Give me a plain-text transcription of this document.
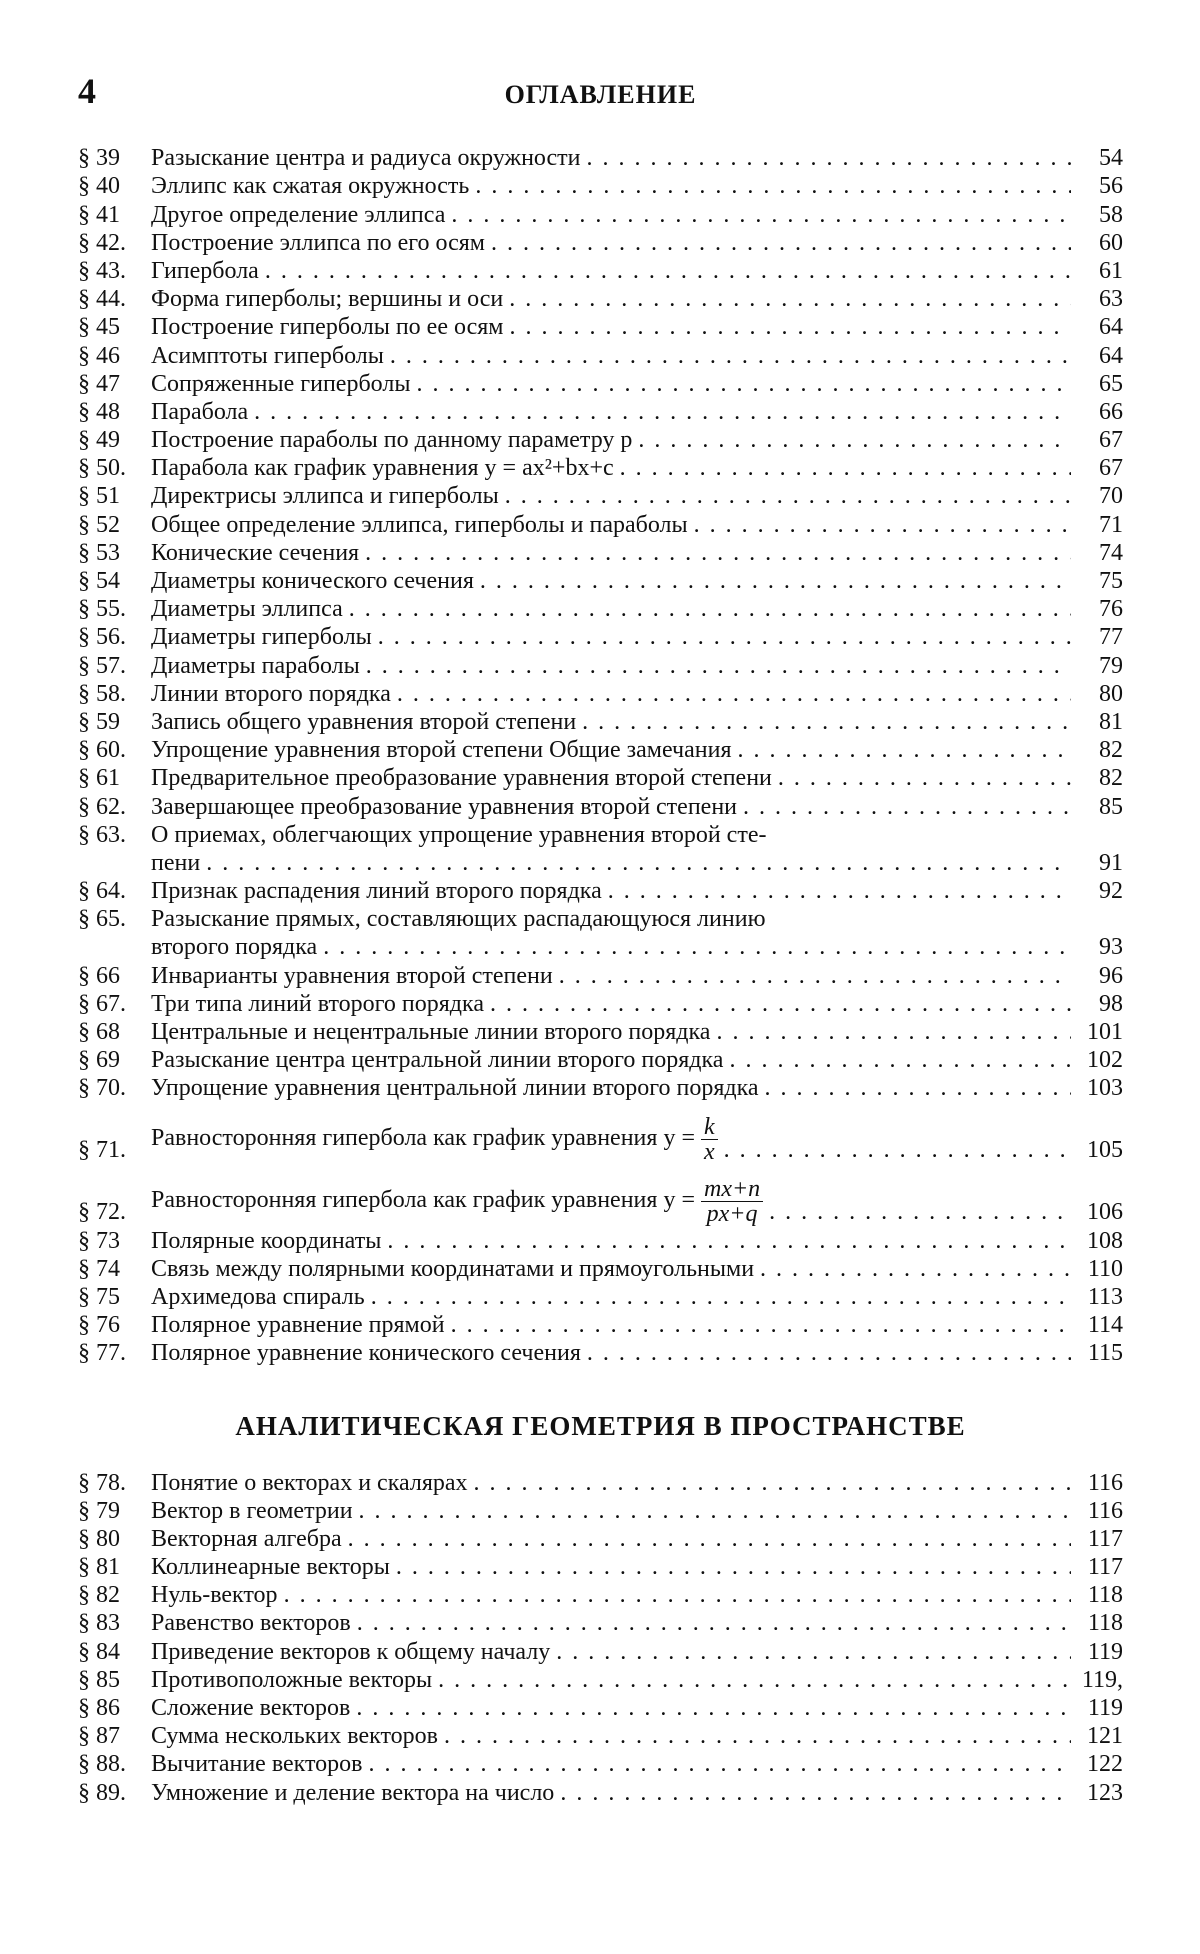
4	ОГЛАВЛЕНИЕ
§ 39	Разыскание центра и радиуса окружности
. . .	54
§ 40	Эллипс как сжатая окружность
. . .	56
§ 41	Другое определение эллипса
. . .	58
§ 42.	Построение эллипса по его осям
. . .	60
§ 43.	Гипербола
. . .	61
§ 44.	Форма гиперболы; вершины и оси
. . .	63
§ 45	Построение гиперболы по ее осям
. . .	64
§ 46	Асимптоты гиперболы
. . .	64
§ 47	Сопряженные гиперболы
. . .	65
§ 48	Парабола
. . .	66
§ 49	Построение параболы по данному параметру p
. . .	67
§ 50.	Парабола как график уравнения y = ax²+bx+c
. . .	67
§ 51	Директрисы эллипса и гиперболы
. . .	70
§ 52	Общее определение эллипса, гиперболы и параболы
. . .	71
§ 53	Конические сечения
. . .	74
§ 54	Диаметры конического сечения
. . .	75
§ 55.	Диаметры эллипса
. . .	76
§ 56.	Диаметры гиперболы
. . .	77
§ 57.	Диаметры параболы
. . .	79
§ 58.	Линии второго порядка
. . .	80
§ 59	Запись общего уравнения второй степени
. . .	81
§ 60.	Упрощение уравнения второй степени Общие замечания
. . .	82
§ 61	Предварительное преобразование уравнения второй степени
. . .	82
§ 62.	Завершающее преобразование уравнения второй степени
. . .	85
§ 63.	О приемах, облегчающих упрощение уравнения второй сте-
пени
. . .	91
§ 64.	Признак распадения линий второго порядка
. . .	92
§ 65.	Разыскание прямых, составляющих распадающуюся линию
второго порядка
. . .	93
§ 66	Инварианты уравнения второй степени
. . .	96
§ 67.	Три типа линий второго порядка
. . .	98
§ 68	Центральные и нецентральные линии второго порядка
. . .	101
§ 69	Разыскание центра центральной линии второго порядка
. . .	102
§ 70.	Упрощение уравнения центральной линии второго порядка
. . .	103
§ 71.	Равносторонняя гипербола как график уравнения y = k
x
. . .	105
§ 72.	Равносторонняя гипербола как график уравнения y = mx+n
px+q
. . .	106
§ 73	Полярные координаты
. . .	108
§ 74	Связь между полярными координатами и прямоугольными
. . .	110
§ 75	Архимедова спираль
. . .	113
§ 76	Полярное уравнение прямой
. . .	114
§ 77.	Полярное уравнение конического сечения
. . .	115
АНАЛИТИЧЕСКАЯ ГЕОМЕТРИЯ В ПРОСТРАНСТВЕ
§ 78.	Понятие о векторах и скалярах
. . .	116
§ 79	Вектор в геометрии
. . .	116
§ 80	Векторная алгебра
. . .	117
§ 81	Коллинеарные векторы
. . .	117
§ 82	Нуль-вектор
. . .	118
§ 83	Равенство векторов
. . .	118
§ 84	Приведение векторов к общему началу
. . .	119
§ 85	Противоположные векторы
. . .	119,
§ 86	Сложение векторов
. . .	119
§ 87	Сумма нескольких векторов
. . .	121
§ 88.	Вычитание векторов
. . .	122
§ 89.	Умножение и деление вектора на число
. . .	123
